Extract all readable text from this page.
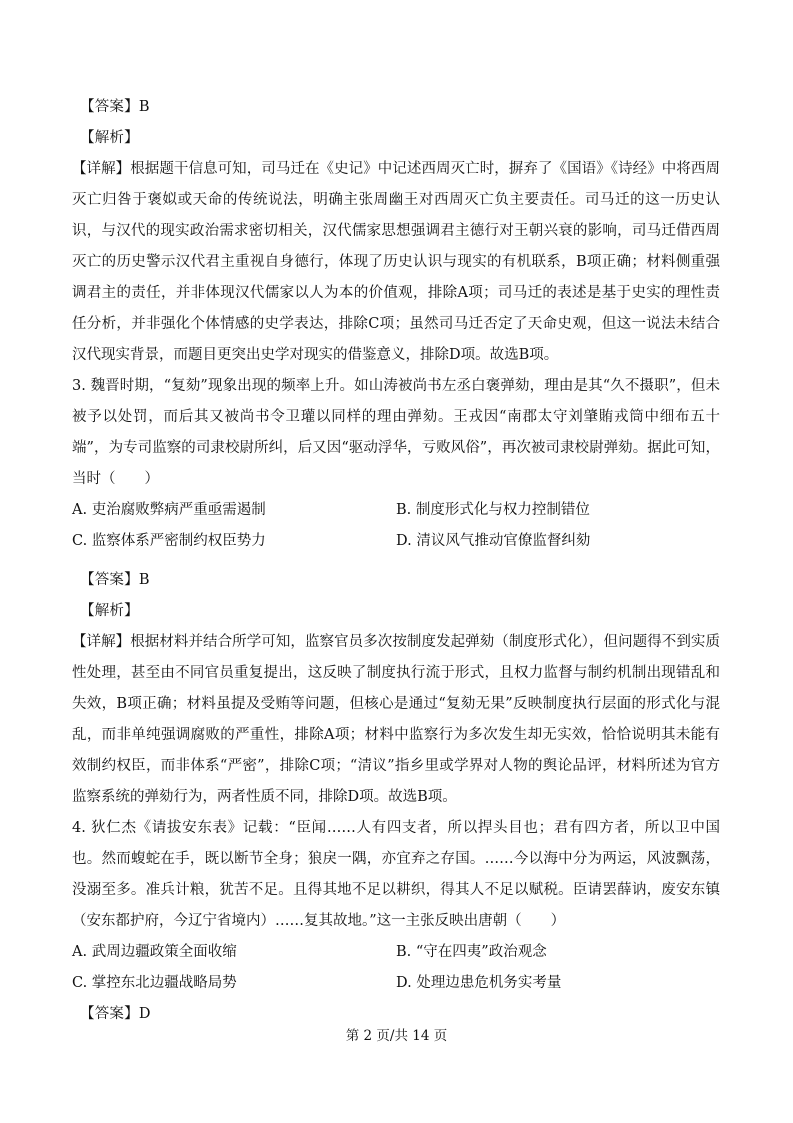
【答案】B
【解析】
【详解】根据题干信息可知，司马迁在《史记》中记述西周灭亡时，摒弃了《国语》《诗经》中将西周灭亡归咎于褒姒或天命的传统说法，明确主张周幽王对西周灭亡负主要责任。司马迁的这一历史认识，与汉代的现实政治需求密切相关，汉代儒家思想强调君主德行对王朝兴衰的影响，司马迁借西周灭亡的历史警示汉代君主重视自身德行，体现了历史认识与现实的有机联系，B项正确；材料侧重强调君主的责任，并非体现汉代儒家以人为本的价值观，排除A项；司马迁的表述是基于史实的理性责任分析，并非强化个体情感的史学表达，排除C项；虽然司马迁否定了天命史观，但这一说法未结合汉代现实背景，而题目更突出史学对现实的借鉴意义，排除D项。故选B项。
3. 魏晋时期，“复劾”现象出现的频率上升。如山涛被尚书左丞白褒弹劾，理由是其“久不摄职”，但未被予以处罚，而后其又被尚书令卫瓘以同样的理由弹劾。王戎因“南郡太守刘肇賄戎筒中细布五十端”，为专司监察的司隶校尉所纠，后又因“驱动浮华，亏败风俗”，再次被司隶校尉弹劾。据此可知，当时（　　）
A. 吏治腐败弊病严重亟需遏制	B. 制度形式化与权力控制错位
C. 监察体系严密制约权臣势力	D. 清议风气推动官僚监督纠劾
【答案】B
【解析】
【详解】根据材料并结合所学可知，监察官员多次按制度发起弹劾（制度形式化），但问题得不到实质性处理，甚至由不同官员重复提出，这反映了制度执行流于形式，且权力监督与制约机制出现错乱和失效，B项正确；材料虽提及受贿等问题，但核心是通过“复劾无果”反映制度执行层面的形式化与混乱，而非单纯强调腐败的严重性，排除A项；材料中监察行为多次发生却无实效，恰恰说明其未能有效制约权臣，而非体系“严密”，排除C项；“清议”指乡里或学界对人物的舆论品评，材料所述为官方监察系统的弹劾行为，两者性质不同，排除D项。故选B项。
4. 狄仁杰《请拔安东表》记载：“臣闻……人有四支者，所以捍头目也；君有四方者，所以卫中国也。然而蝮蛇在手，既以断节全身；狼戾一隅，亦宜弃之存国。……今以海中分为两运，风波飘荡，没溺至多。准兵计粮，犹苦不足。且得其地不足以耕织，得其人不足以赋税。臣请罢薛讷，废安东镇（安东都护府，今辽宁省境内）……复其故地。”这一主张反映出唐朝（　　）
A. 武周边疆政策全面收缩	B. “守在四夷”政治观念
C. 掌控东北边疆战略局势	D. 处理边患危机务实考量
【答案】D
第 2 页/共 14 页
